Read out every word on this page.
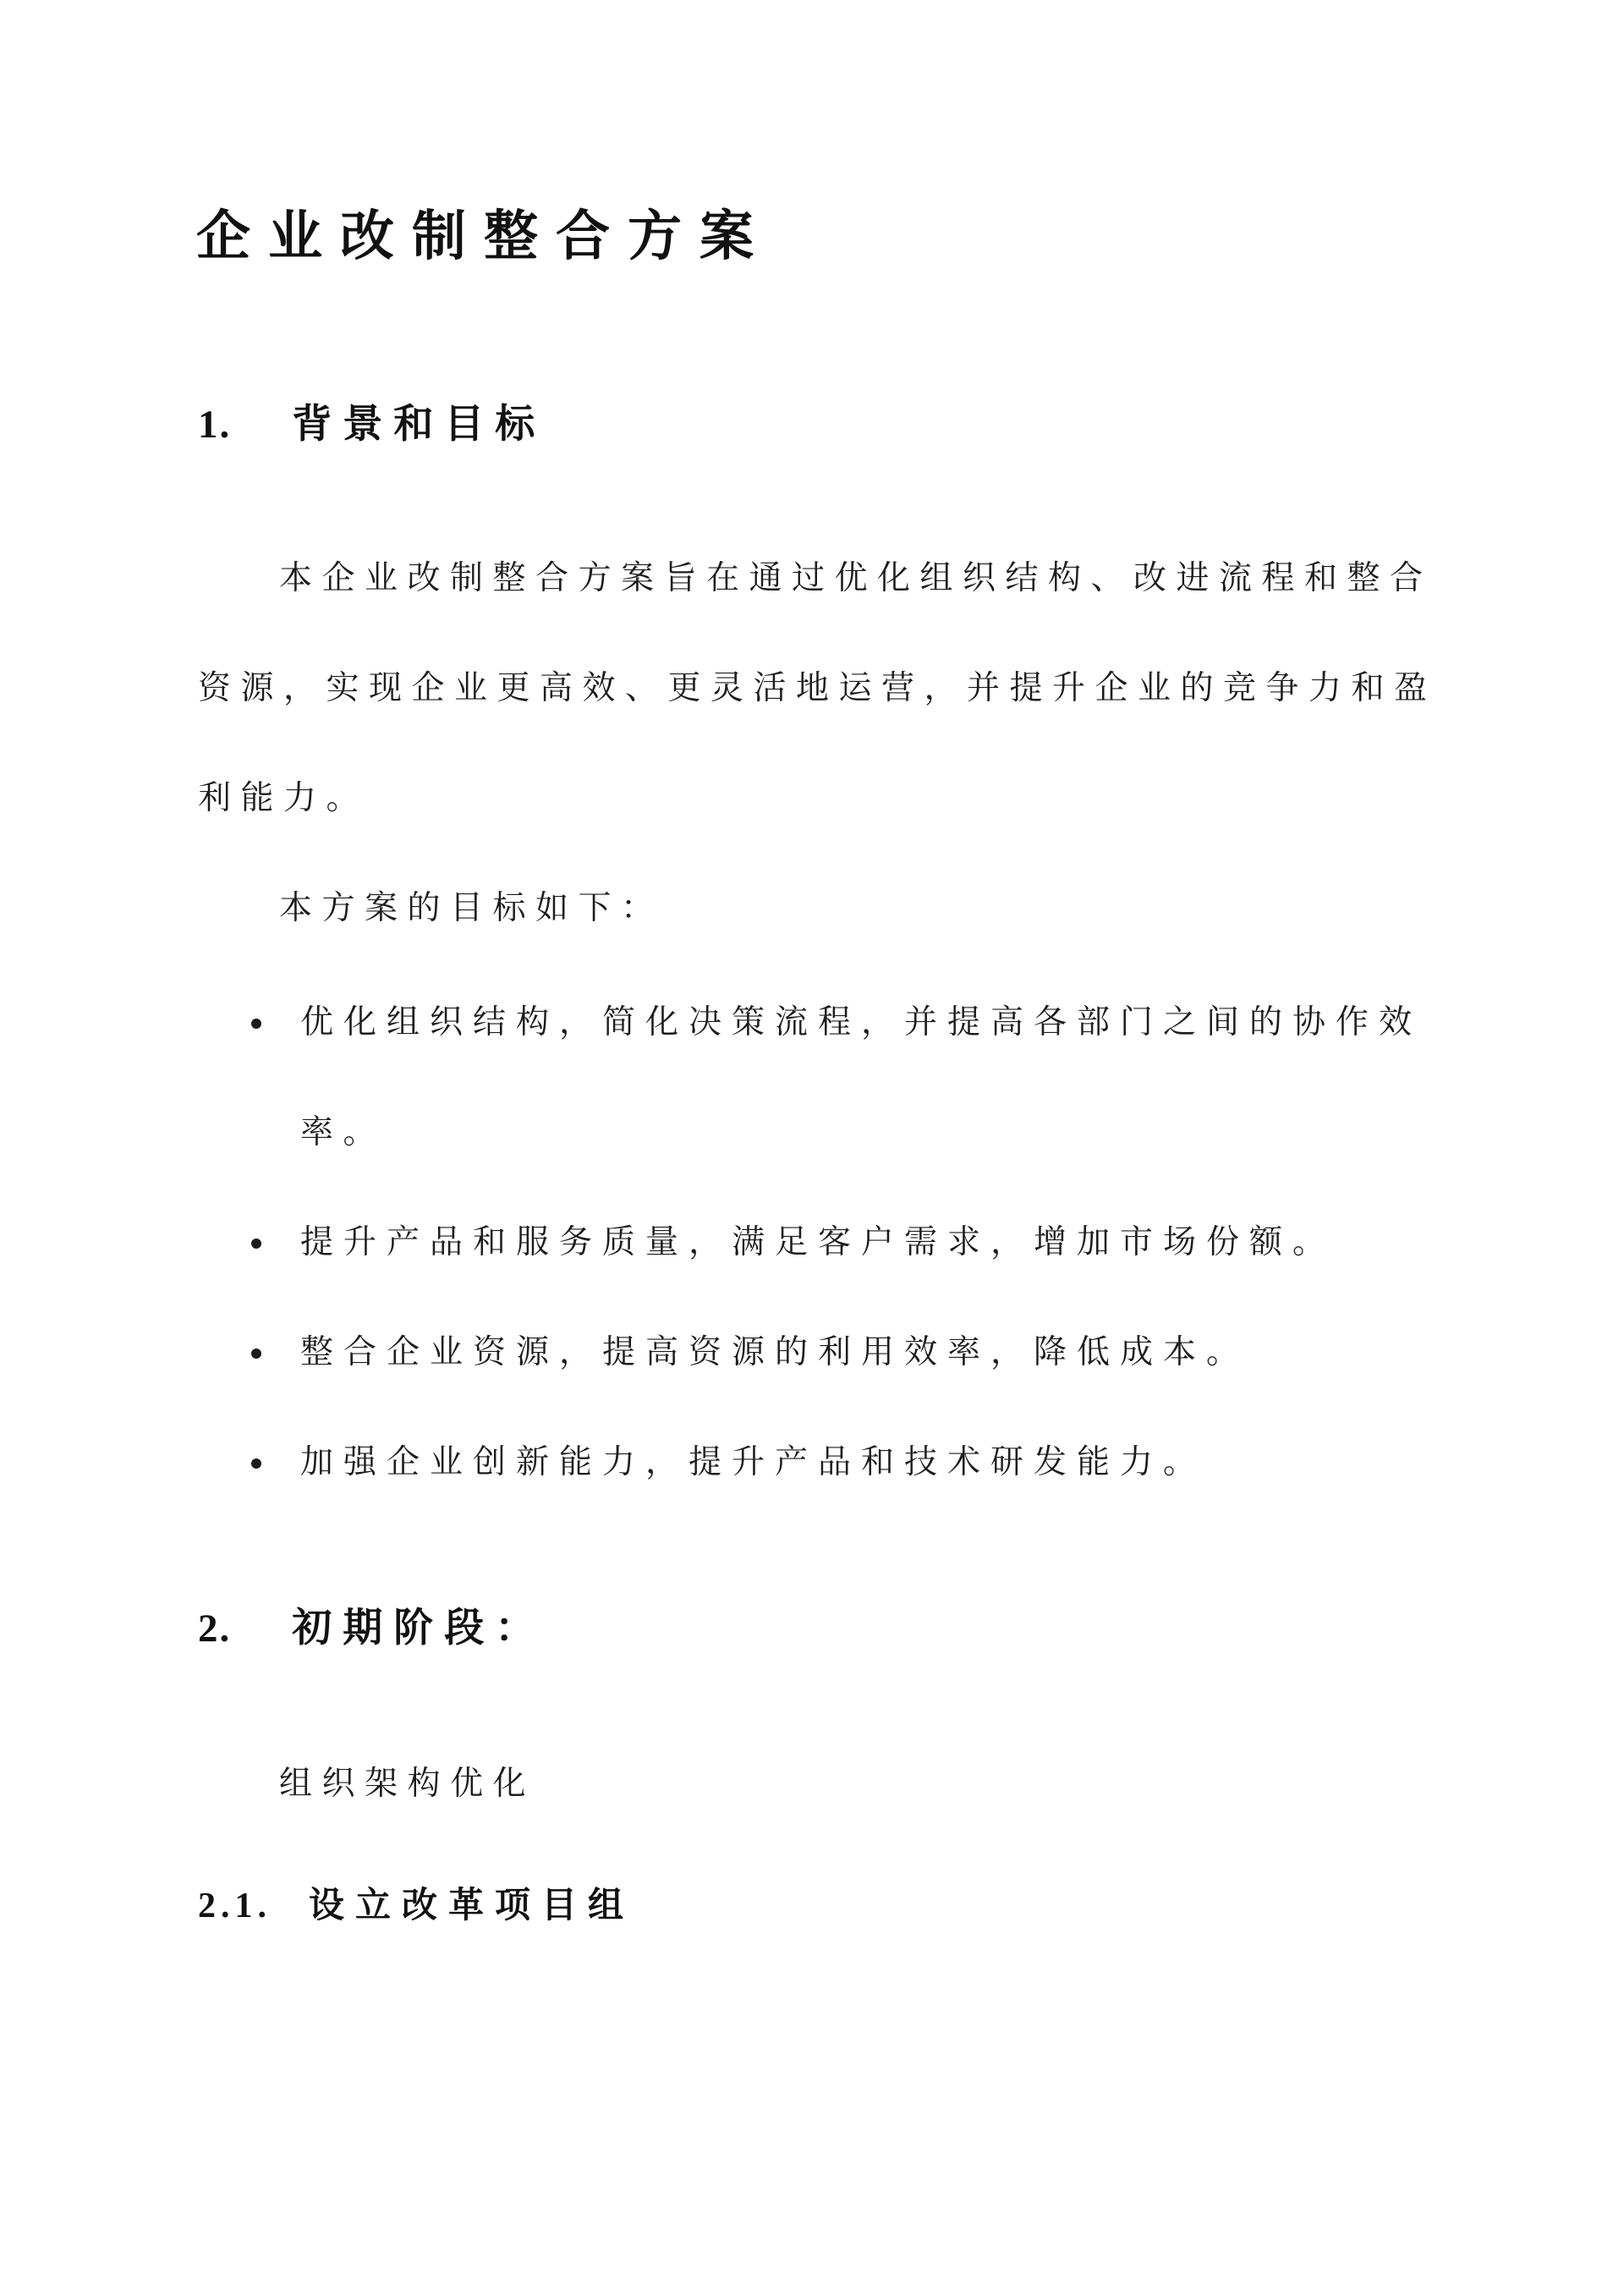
企业改制整合方案
1. 背景和目标
本企业改制整合方案旨在通过优化组织结构、改进流程和整合
资源，实现企业更高效、更灵活地运营，并提升企业的竞争力和盈
利能力。
本方案的目标如下：
优化组织结构，简化决策流程，并提高各部门之间的协作效
率。
提升产品和服务质量，满足客户需求，增加市场份额。
整合企业资源，提高资源的利用效率，降低成本。
加强企业创新能力，提升产品和技术研发能力。
2. 初期阶段：
组织架构优化
2.1. 设立改革项目组
